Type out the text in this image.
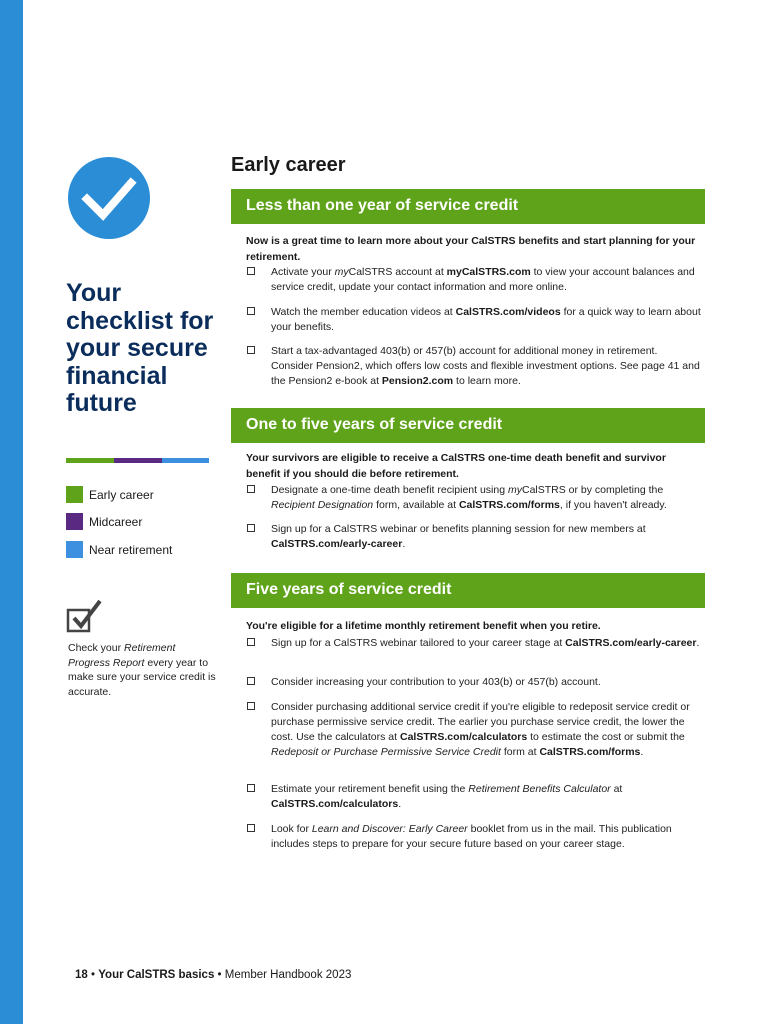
Your checklist for your secure financial future
Early career
Midcareer
Near retirement
Check your Retirement Progress Report every year to make sure your service credit is accurate.
Early career
Less than one year of service credit
Now is a great time to learn more about your CalSTRS benefits and start planning for your retirement.
Activate your myCalSTRS account at myCalSTRS.com to view your account balances and service credit, update your contact information and more online.
Watch the member education videos at CalSTRS.com/videos for a quick way to learn about your benefits.
Start a tax-advantaged 403(b) or 457(b) account for additional money in retirement. Consider Pension2, which offers low costs and flexible investment options. See page 41 and the Pension2 e-book at Pension2.com to learn more.
One to five years of service credit
Your survivors are eligible to receive a CalSTRS one-time death benefit and survivor benefit if you should die before retirement.
Designate a one-time death benefit recipient using myCalSTRS or by completing the Recipient Designation form, available at CalSTRS.com/forms, if you haven't already.
Sign up for a CalSTRS webinar or benefits planning session for new members at CalSTRS.com/early-career.
Five years of service credit
You're eligible for a lifetime monthly retirement benefit when you retire.
Sign up for a CalSTRS webinar tailored to your career stage at CalSTRS.com/early-career.
Consider increasing your contribution to your 403(b) or 457(b) account.
Consider purchasing additional service credit if you're eligible to redeposit service credit or purchase permissive service credit. The earlier you purchase service credit, the lower the cost. Use the calculators at CalSTRS.com/calculators to estimate the cost or submit the Redeposit or Purchase Permissive Service Credit form at CalSTRS.com/forms.
Estimate your retirement benefit using the Retirement Benefits Calculator at CalSTRS.com/calculators.
Look for Learn and Discover: Early Career booklet from us in the mail. This publication includes steps to prepare for your secure future based on your career stage.
18 • Your CalSTRS basics • Member Handbook 2023
